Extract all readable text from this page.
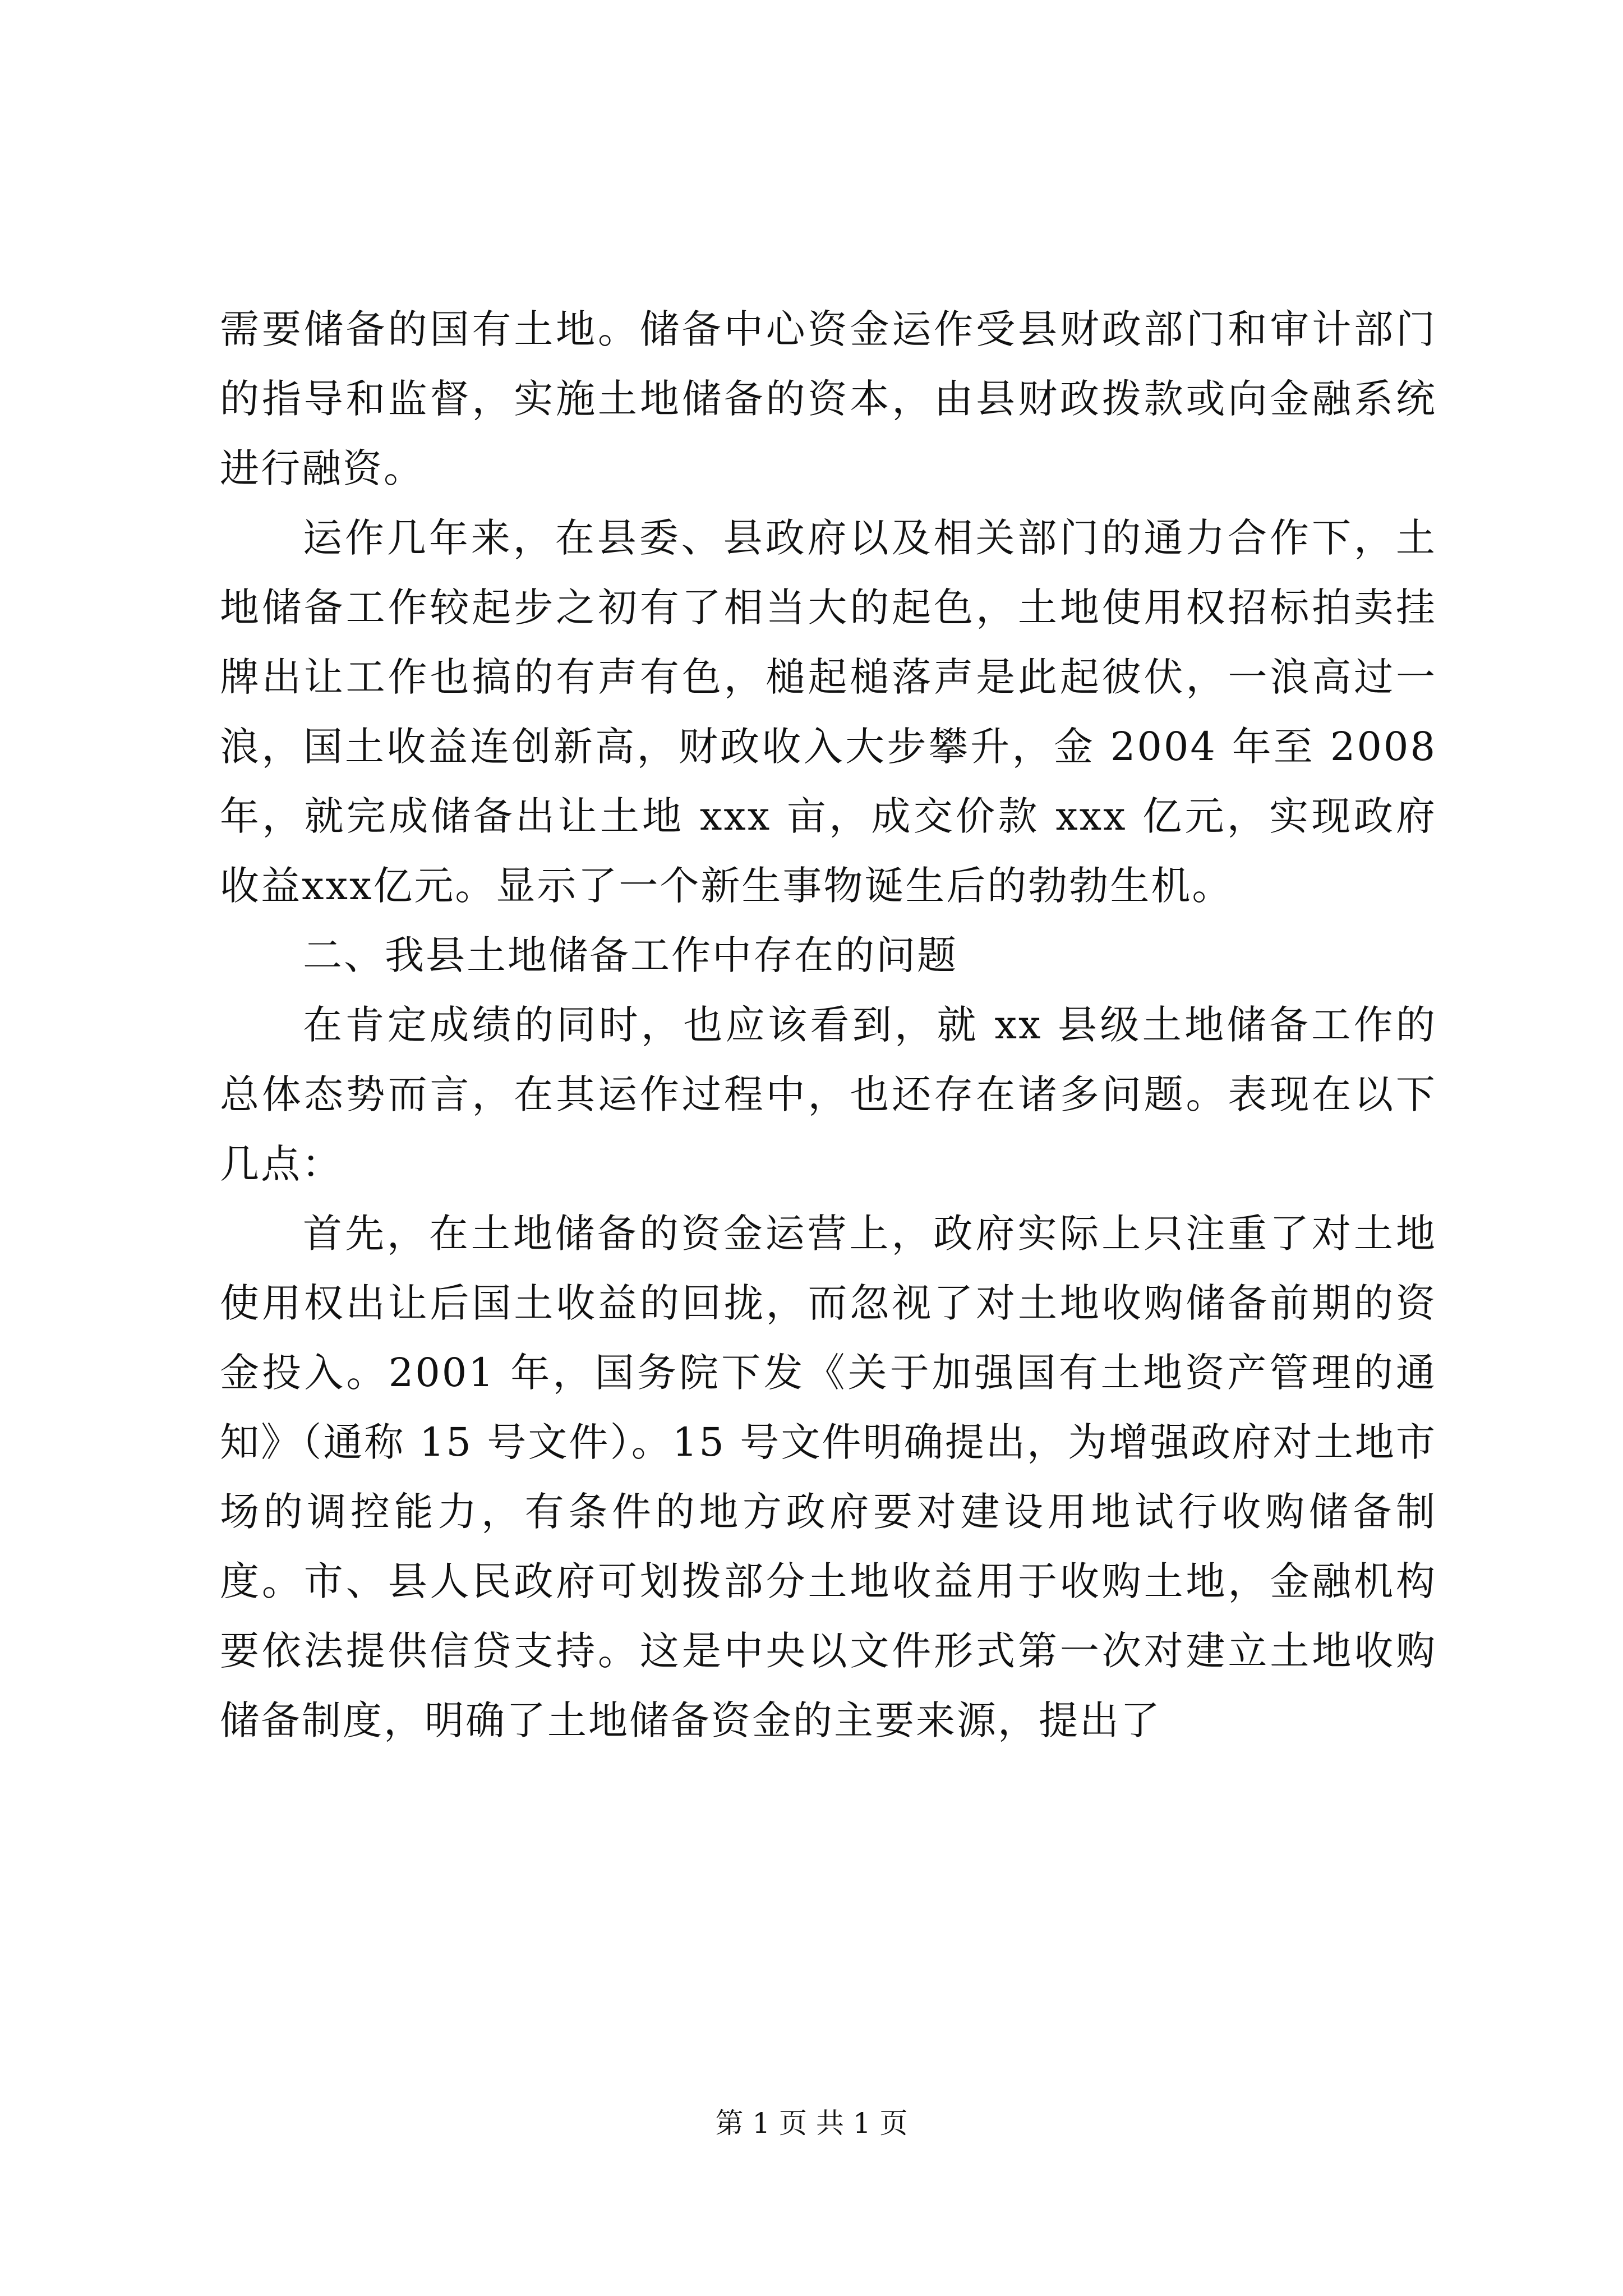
需要储备的国有土地。储备中心资金运作受县财政部门和审计部门的指导和监督，实施土地储备的资本，由县财政拨款或向金融系统进行融资。

运作几年来，在县委、县政府以及相关部门的通力合作下，土地储备工作较起步之初有了相当大的起色，土地使用权招标拍卖挂牌出让工作也搞的有声有色，槌起槌落声是此起彼伏，一浪高过一浪，国土收益连创新高，财政收入大步攀升，金 2004 年至 2008 年，就完成储备出让土地 xxx 亩，成交价款 xxx 亿元，实现政府收益xxx亿元。显示了一个新生事物诞生后的勃勃生机。

二、我县土地储备工作中存在的问题

在肯定成绩的同时，也应该看到，就 xx 县级土地储备工作的总体态势而言，在其运作过程中，也还存在诸多问题。表现在以下几点：

首先，在土地储备的资金运营上，政府实际上只注重了对土地使用权出让后国土收益的回拢，而忽视了对土地收购储备前期的资金投入。2001 年，国务院下发《关于加强国有土地资产管理的通知》（通称 15 号文件）。15 号文件明确提出，为增强政府对土地市场的调控能力，有条件的地方政府要对建设用地试行收购储备制度。市、县人民政府可划拨部分土地收益用于收购土地，金融机构要依法提供信贷支持。这是中央以文件形式第一次对建立土地收购储备制度，明确了土地储备资金的主要来源，提出了

第 1 页 共 1 页
